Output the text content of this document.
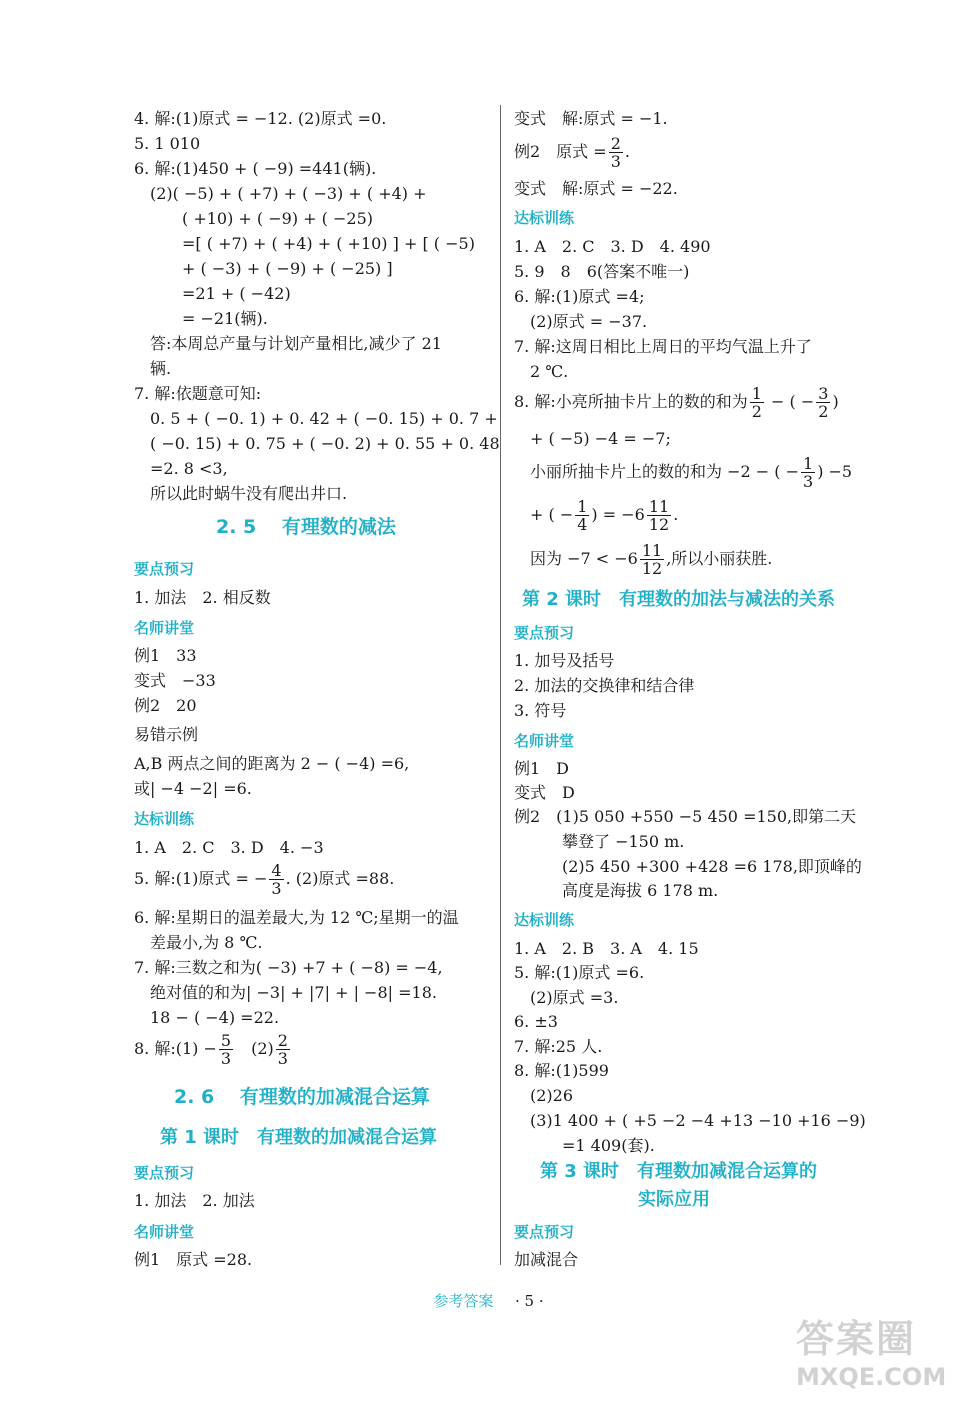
4. 解:(1)原式 = −12. (2)原式 =0.
5. 1 010
6. 解:(1)450 + ( −9) =441(辆).
(2)( −5) + ( +7) + ( −3) + ( +4) +
( +10) + ( −9) + ( −25)
=[ ( +7) + ( +4) + ( +10) ] + [ ( −5)
+ ( −3) + ( −9) + ( −25) ]
=21 + ( −42)
= −21(辆).
答:本周总产量与计划产量相比,减少了 21
辆.
7. 解:依题意可知:
0. 5 + ( −0. 1) + 0. 42 + ( −0. 15) + 0. 7 +
( −0. 15) + 0. 75 + ( −0. 2) + 0. 55 + 0. 48
=2. 8 <3,
所以此时蜗牛没有爬出井口.
2. 5　 有理数的减法
要点预习
1. 加法　2. 相反数
名师讲堂
例1　33
变式　−33
例2　20
易错示例
A,B 两点之间的距离为 2 − ( −4) =6,
或| −4 −2| =6.
达标训练
1. A　2. C　3. D　4. −3
5. 解:(1)原式 = − $\frac{4}{3}$ . (2)原式 =88.
6. 解:星期日的温差最大,为 12 ℃;星期一的温
差最小,为 8 ℃.
7. 解:三数之和为( −3) +7 + ( −8) = −4,
绝对值的和为| −3| + |7| + | −8| =18.
18 − ( −4) =22.
8. 解:(1) − $\frac{5}{3} (2) \frac{2}{3}$
2. 6　 有理数的加减混合运算
第 1 课时　有理数的加减混合运算
要点预习
1. 加法　2. 加法
名师讲堂
例1　原式 =28.
变式　解:原式 = −1.
例2　原式 = $\frac{2}{3}$ .
变式　解:原式 = −22.
达标训练
1. A　2. C　3. D　4. 490
5. 9　8　6(答案不唯一)
6. 解:(1)原式 =4;
(2)原式 = −37.
7. 解:这周日相比上周日的平均气温上升了
2 ℃.
8. 解:小亮所抽卡片上的数的和为 $\frac{1}{2}$ − ( − $\frac{3}{2}$ )
+ ( −5) −4 = −7;
小丽所抽卡片上的数的和为 −2 − ( − $\frac{1}{3}$ ) −5
+ ( − $\frac{1}{4}$ ) = $-6 \frac{11}{12}$ .
因为 $-7 < -6 \frac{11}{12}$ ,所以小丽获胜.
第 2 课时　有理数的加法与减法的关系
要点预习
1. 加号及括号
2. 加法的交换律和结合律
3. 符号
名师讲堂
例1　D
变式　D
例2　(1)5 050 +550 −5 450 =150,即第二天
攀登了 −150 m.
(2)5 450 +300 +428 =6 178,即顶峰的
高度是海拔 6 178 m.
达标训练
1. A　2. B　3. A　4. 15
5. 解:(1)原式 =6.
(2)原式 =3.
6. ±3
7. 解:25 人.
8. 解:(1)599
(2)26
(3)1 400 + ( +5 −2 −4 +13 −10 +16 −9)
=1 409(套).
第 3 课时　有理数加减混合运算的
实际应用
要点预习
加减混合
参考答案 · 5 ·
答案圈
MXQE.COM
